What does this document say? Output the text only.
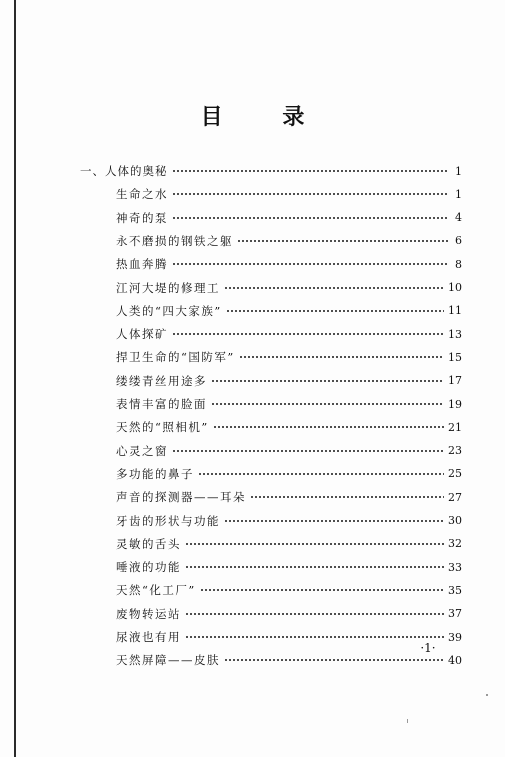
目 录
一、人体的奥秘	1
生命之水	1
神奇的泵	4
永不磨损的钢铁之躯	6
热血奔腾	8
江河大堤的修理工	10
人类的“四大家族”	11
人体探矿	13
捍卫生命的“国防军”	15
缕缕青丝用途多	17
表情丰富的脸面	19
天然的“照相机”	21
心灵之窗	23
多功能的鼻子	25
声音的探测器——耳朵	27
牙齿的形状与功能	30
灵敏的舌头	32
唾液的功能	33
天然“化工厂”	35
废物转运站	37
尿液也有用	39
天然屏障——皮肤	40
·1·
